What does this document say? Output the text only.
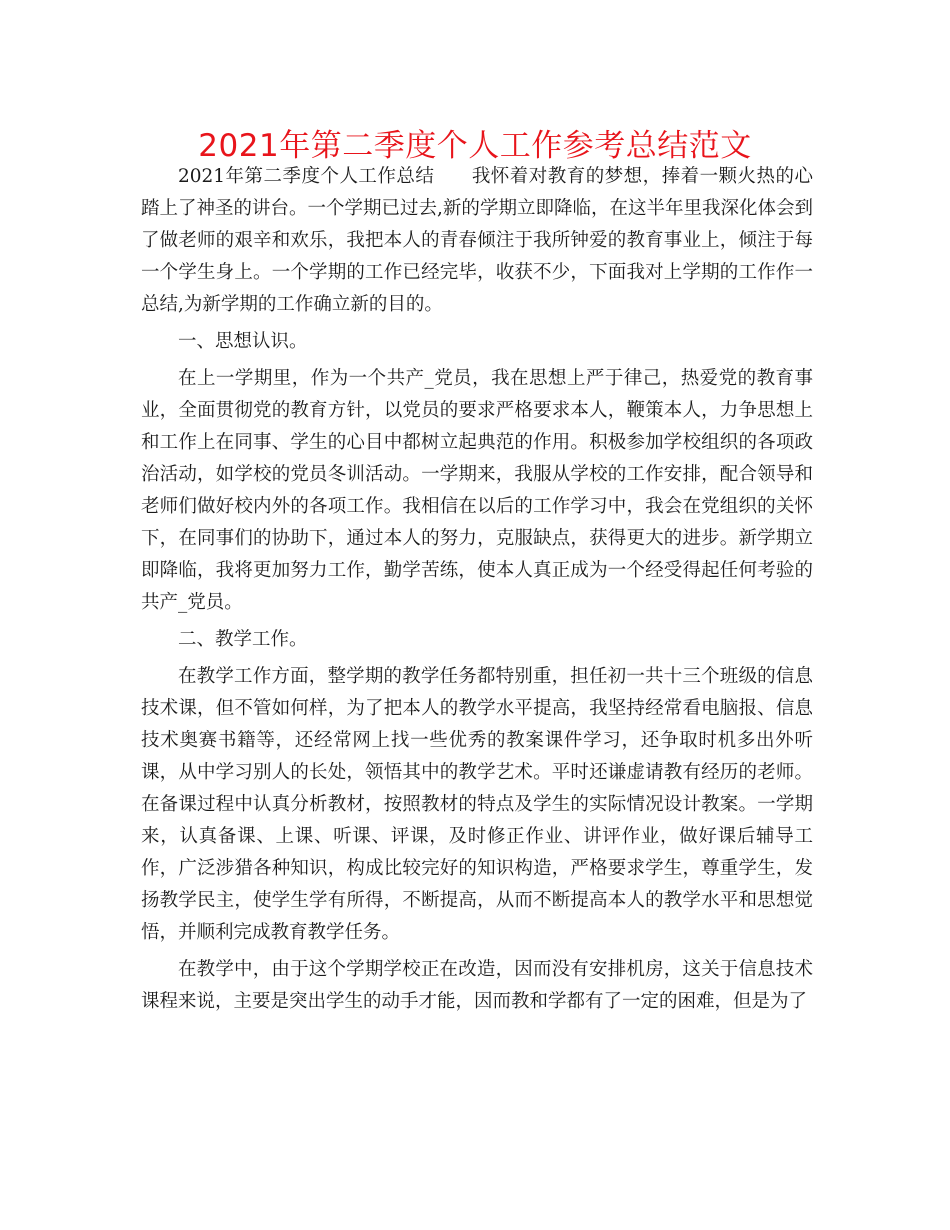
2021年第二季度个人工作参考总结范文

2021年第二季度个人工作总结 我怀着对教育的梦想，捧着一颗火热的心踏上了神圣的讲台。一个学期已过去,新的学期立即降临，在这半年里我深化体会到了做老师的艰辛和欢乐，我把本人的青春倾注于我所钟爱的教育事业上，倾注于每一个学生身上。一个学期的工作已经完毕，收获不少，下面我对上学期的工作作一总结,为新学期的工作确立新的目的。

一、思想认识。

在上一学期里，作为一个共产_党员，我在思想上严于律己，热爱党的教育事业，全面贯彻党的教育方针，以党员的要求严格要求本人，鞭策本人，力争思想上和工作上在同事、学生的心目中都树立起典范的作用。积极参加学校组织的各项政治活动，如学校的党员冬训活动。一学期来，我服从学校的工作安排，配合领导和老师们做好校内外的各项工作。我相信在以后的工作学习中，我会在党组织的关怀下，在同事们的协助下，通过本人的努力，克服缺点，获得更大的进步。新学期立即降临，我将更加努力工作，勤学苦练，使本人真正成为一个经受得起任何考验的共产_党员。

二、教学工作。

在教学工作方面，整学期的教学任务都特别重，担任初一共十三个班级的信息技术课，但不管如何样，为了把本人的教学水平提高，我坚持经常看电脑报、信息技术奥赛书籍等，还经常网上找一些优秀的教案课件学习，还争取时机多出外听课，从中学习别人的长处，领悟其中的教学艺术。平时还谦虚请教有经历的老师。在备课过程中认真分析教材，按照教材的特点及学生的实际情况设计教案。一学期来，认真备课、上课、听课、评课，及时修正作业、讲评作业，做好课后辅导工作，广泛涉猎各种知识，构成比较完好的知识构造，严格要求学生，尊重学生，发扬教学民主，使学生学有所得，不断提高，从而不断提高本人的教学水平和思想觉悟，并顺利完成教育教学任务。

在教学中，由于这个学期学校正在改造，因而没有安排机房，这关于信息技术课程来说，主要是突出学生的动手才能，因而教和学都有了一定的困难，但是为了
